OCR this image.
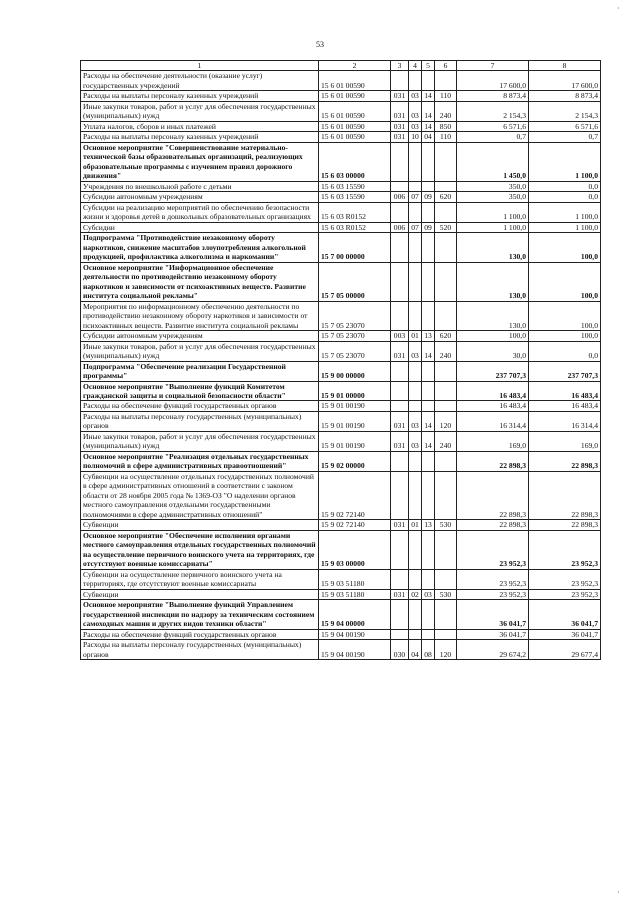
53
·
·
1	2	3	4	5	6	7	8
Расходы на обеспечение деятельности (оказание услуг) государственных учреждений	15 6 01 00590					17 600,0	17 600,0
Расходы на выплаты персоналу казенных учреждений	15 6 01 00590	031	03	14	110	8 873,4	8 873,4
Иные закупки товаров, работ и услуг для обеспечения государственных (муниципальных) нужд	15 6 01 00590	031	03	14	240	2 154,3	2 154,3
Уплата налогов, сборов и иных платежей	15 6 01 00590	031	03	14	850	6 571,6	6 571,6
Расходы на выплаты персоналу казенных учреждений	15 6 01 00590	031	10	04	110	0,7	0,7
Основное мероприятие "Совершенствование материально-технической базы образовательных организаций, реализующих образовательные программы с изучением правил дорожного движения"	15 6 03 00000					1 450,0	1 100,0
Учреждения по внешкольной работе с детьми	15 6 03 15590					350,0	0,0
Субсидии автономным учреждениям	15 6 03 15590	006	07	09	620	350,0	0,0
Субсидии на реализацию мероприятий по обеспечению безопасности жизни и здоровья детей в дошкольных образовательных организациях	15 6 03 R0152					1 100,0	1 100,0
Субсидии	15 6 03 R0152	006	07	09	520	1 100,0	1 100,0
Подпрограмма "Противодействие незаконному обороту наркотиков, снижение масштабов злоупотребления алкогольной продукцией, профилактика алкоголизма и наркомании"	15 7 00 00000					130,0	100,0
Основное мероприятие "Информационное обеспечение деятельности по противодействию незаконному обороту наркотиков и зависимости от психоактивных веществ. Развитие института социальной рекламы"	15 7 05 00000					130,0	100,0
Мероприятия по информационному обеспечению деятельности по противодействию незаконному обороту наркотиков и зависимости от психоактивных веществ. Развитие института социальной рекламы	15 7 05 23070					130,0	100,0
Субсидии автономным учреждениям	15 7 05 23070	003	01	13	620	100,0	100,0
Иные закупки товаров, работ и услуг для обеспечения государственных (муниципальных) нужд	15 7 05 23070	031	03	14	240	30,0	0,0
Подпрограмма "Обеспечение реализации Государственной программы"	15 9 00 00000					237 707,3	237 707,3
Основное мероприятие "Выполнение функций Комитетом гражданской защиты и социальной безопасности области"	15 9 01 00000					16 483,4	16 483,4
Расходы на обеспечение функций государственных органов	15 9 01 00190					16 483,4	16 483,4
Расходы на выплаты персоналу государственных (муниципальных) органов	15 9 01 00190	031	03	14	120	16 314,4	16 314,4
Иные закупки товаров, работ и услуг для обеспечения государственных (муниципальных) нужд	15 9 01 00190	031	03	14	240	169,0	169,0
Основное мероприятие "Реализация отдельных государственных полномочий в сфере административных правоотношений"	15 9 02 00000					22 898,3	22 898,3
Субвенции на осуществление отдельных государственных полномочий в сфере административных отношений в соответствии с законом области от 28 ноября 2005 года № 1369-ОЗ "О наделении органов местного самоуправления отдельными государственными полномочиями в сфере административных отношений"	15 9 02 72140					22 898,3	22 898,3
Субвенции	15 9 02 72140	031	01	13	530	22 898,3	22 898,3
Основное мероприятие "Обеспечение исполнения органами местного самоуправления отдельных государственных полномочий на осуществление первичного воинского учета на территориях, где отсутствуют военные комиссариаты"	15 9 03 00000					23 952,3	23 952,3
Субвенции на осуществление первичного воинского учета на территориях, где отсутствуют военные комиссариаты	15 9 03 51180					23 952,3	23 952,3
Субвенции	15 9 03 51180	031	02	03	530	23 952,3	23 952,3
Основное мероприятие "Выполнение функций Управлением государственной инспекции по надзору за техническим состоянием самоходных машин и других видов техники области"	15 9 04 00000					36 041,7	36 041,7
Расходы на обеспечение функций государственных органов	15 9 04 00190					36 041,7	36 041,7
Расходы на выплаты персоналу государственных (муниципальных) органов	15 9 04 00190	030	04	08	120	29 674,2	29 677,4
